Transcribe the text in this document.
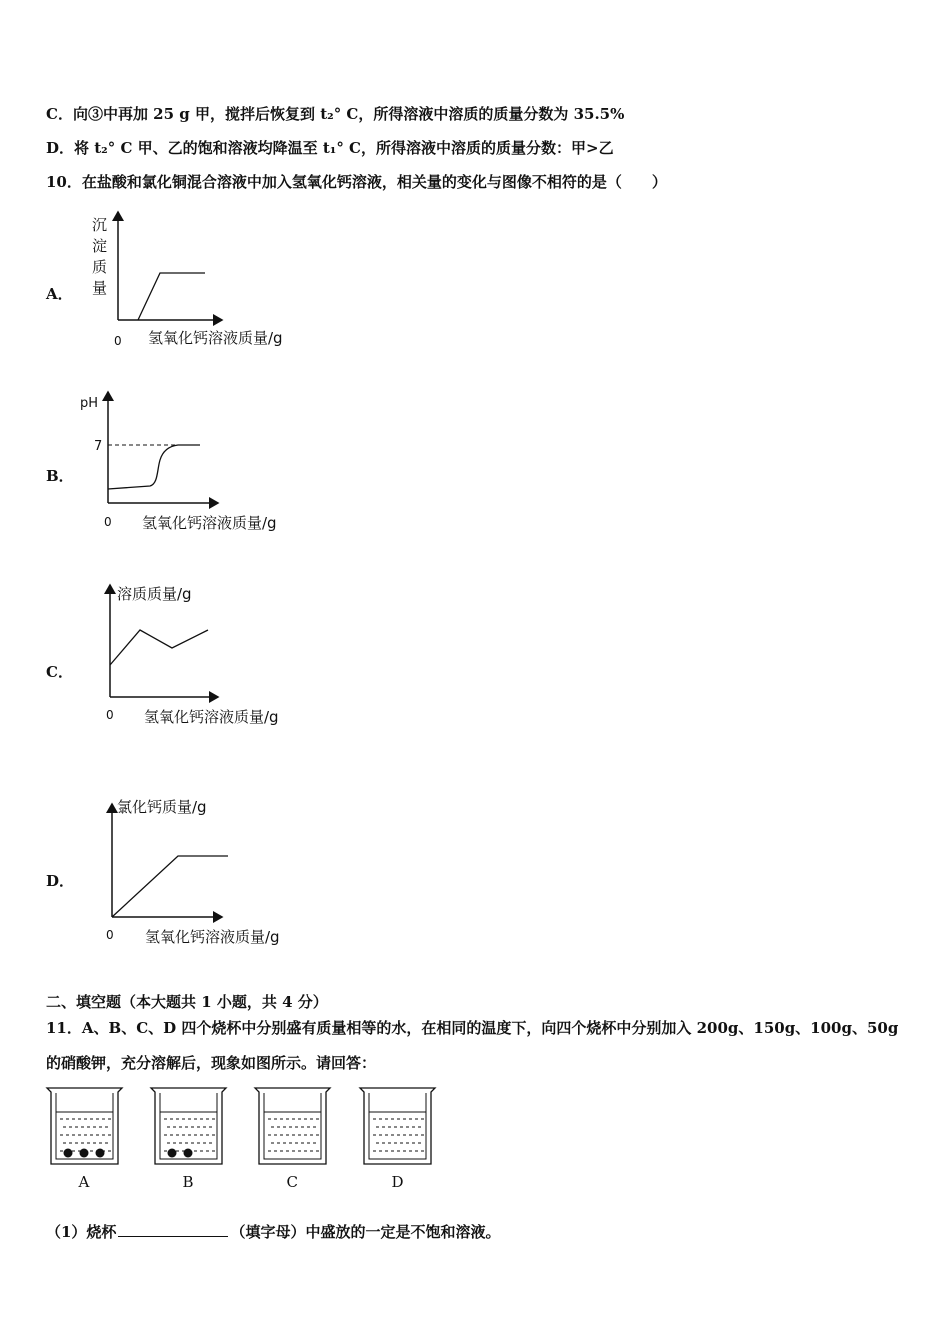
C．向③中再加 25 g 甲，搅拌后恢复到 t₂° C，所得溶液中溶质的质量分数为 35.5%
D．将 t₂° C 甲、乙的饱和溶液均降温至 t₁° C，所得溶液中溶质的质量分数：甲>乙
10．在盐酸和氯化铜混合溶液中加入氢氧化钙溶液，相关量的变化与图像不相符的是（　　）
A．
B．
C．
D．
沉
淀
质
量
0 氢氧化钙溶液质量/g
pH
7
0 氢氧化钙溶液质量/g
溶质质量/g
0 氢氧化钙溶液质量/g
氯化钙质量/g
0 氢氧化钙溶液质量/g
A	B	C	D
二、填空题（本大题共 1 小题，共 4 分）
11．A、B、C、D 四个烧杯中分别盛有质量相等的水，在相同的温度下，向四个烧杯中分别加入 200g、150g、100g、50g
的硝酸钾，充分溶解后，现象如图所示。请回答：
（1）烧杯	（填字母）中盛放的一定是不饱和溶液。
